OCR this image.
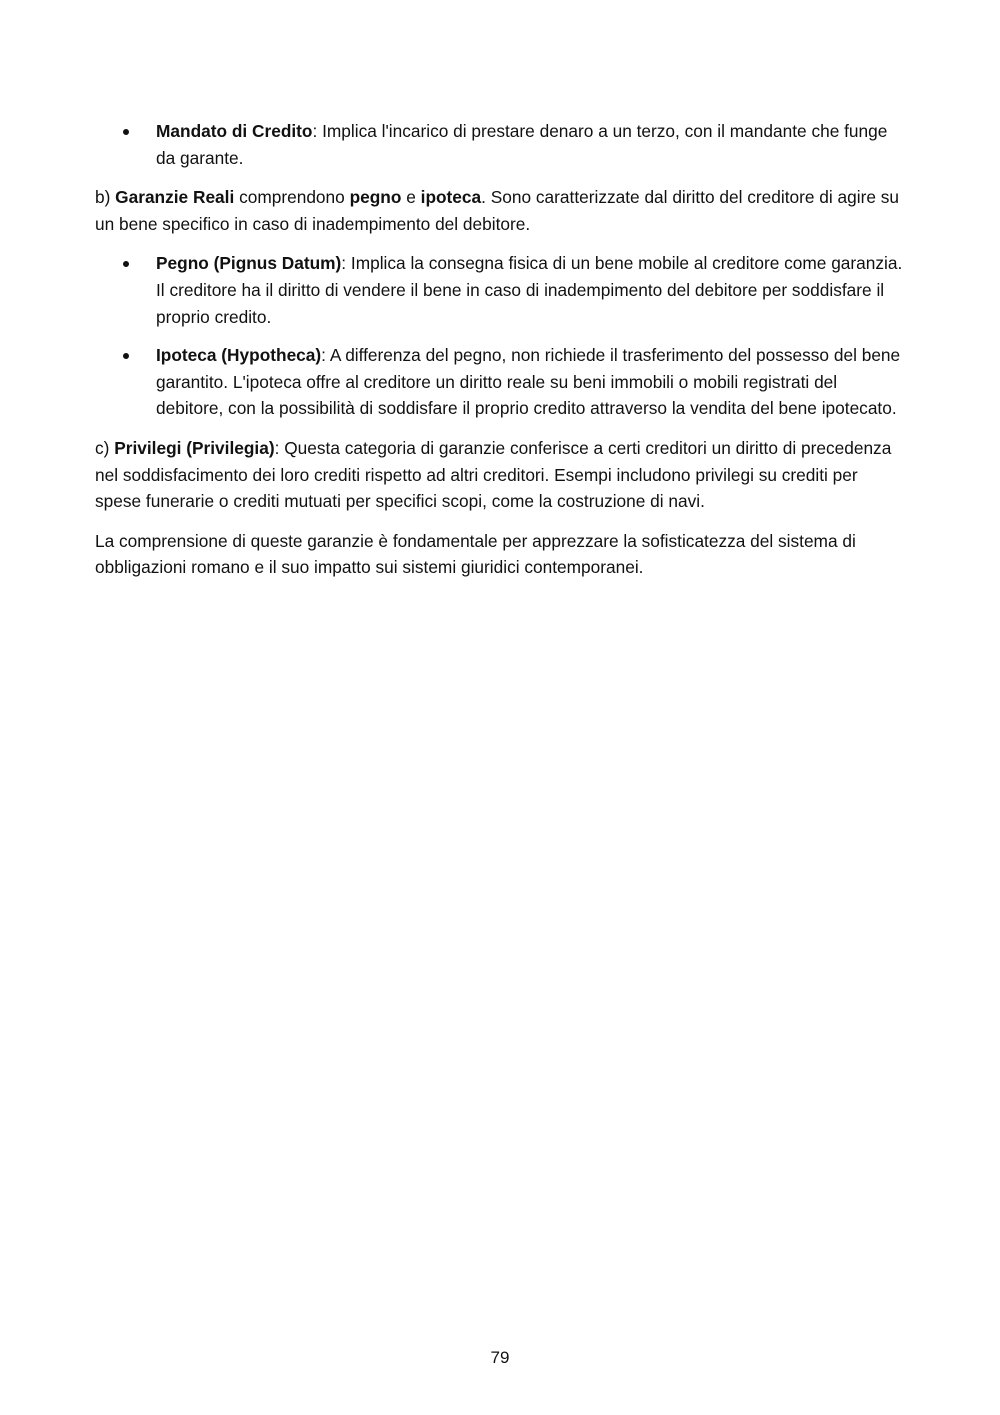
Mandato di Credito: Implica l'incarico di prestare denaro a un terzo, con il mandante che funge da garante.

b) Garanzie Reali comprendono pegno e ipoteca. Sono caratterizzate dal diritto del creditore di agire su un bene specifico in caso di inadempimento del debitore.

Pegno (Pignus Datum): Implica la consegna fisica di un bene mobile al creditore come garanzia. Il creditore ha il diritto di vendere il bene in caso di inadempimento del debitore per soddisfare il proprio credito.
Ipoteca (Hypotheca): A differenza del pegno, non richiede il trasferimento del possesso del bene garantito. L'ipoteca offre al creditore un diritto reale su beni immobili o mobili registrati del debitore, con la possibilità di soddisfare il proprio credito attraverso la vendita del bene ipotecato.

c) Privilegi (Privilegia): Questa categoria di garanzie conferisce a certi creditori un diritto di precedenza nel soddisfacimento dei loro crediti rispetto ad altri creditori. Esempi includono privilegi su crediti per spese funerarie o crediti mutuati per specifici scopi, come la costruzione di navi.

La comprensione di queste garanzie è fondamentale per apprezzare la sofisticatezza del sistema di obbligazioni romano e il suo impatto sui sistemi giuridici contemporanei.

79
